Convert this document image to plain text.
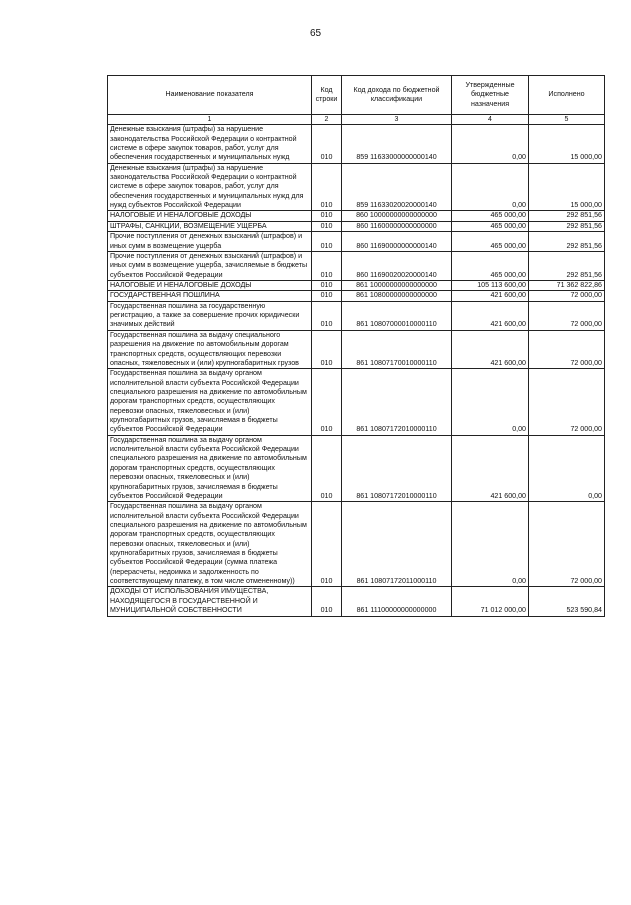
65
Наименование показателя	Код строки	Код дохода по бюджетной классификации	Утвержденные бюджетные назначения	Исполнено
1	2	3	4	5
Денежные взыскания (штрафы) за нарушение законодательства Российской Федерации о контрактной системе в сфере закупок товаров, работ, услуг для обеспечения государственных и муниципальных нужд	010	859 11633000000000140	0,00	15 000,00
Денежные взыскания (штрафы) за нарушение законодательства Российской Федерации о контрактной системе в сфере закупок товаров, работ, услуг для обеспечения государственных и муниципальных нужд для нужд субъектов Российской Федерации	010	859 11633020020000140	0,00	15 000,00
НАЛОГОВЫЕ И НЕНАЛОГОВЫЕ ДОХОДЫ	010	860 10000000000000000	465 000,00	292 851,56
ШТРАФЫ, САНКЦИИ, ВОЗМЕЩЕНИЕ УЩЕРБА	010	860 11600000000000000	465 000,00	292 851,56
Прочие поступления от денежных взысканий (штрафов) и иных сумм в возмещение ущерба	010	860 11690000000000140	465 000,00	292 851,56
Прочие поступления от денежных взысканий (штрафов) и иных сумм в возмещение ущерба, зачисляемые в бюджеты субъектов Российской Федерации	010	860 11690020020000140	465 000,00	292 851,56
НАЛОГОВЫЕ И НЕНАЛОГОВЫЕ ДОХОДЫ	010	861 10000000000000000	105 113 600,00	71 362 822,86
ГОСУДАРСТВЕННАЯ ПОШЛИНА	010	861 10800000000000000	421 600,00	72 000,00
Государственная пошлина за государственную регистрацию, а также за совершение прочих юридически значимых действий	010	861 10807000010000110	421 600,00	72 000,00
Государственная пошлина за выдачу специального разрешения на движение по автомобильным дорогам транспортных средств, осуществляющих перевозки опасных, тяжеловесных и (или) крупногабаритных грузов	010	861 10807170010000110	421 600,00	72 000,00
Государственная пошлина за выдачу органом исполнительной власти субъекта Российской Федерации специального разрешения на движение по автомобильным дорогам транспортных средств, осуществляющих перевозки опасных, тяжеловесных и (или) крупногабаритных грузов, зачисляемая в бюджеты субъектов Российской Федерации	010	861 10807172010000110	0,00	72 000,00
Государственная пошлина за выдачу органом исполнительной власти субъекта Российской Федерации специального разрешения на движение по автомобильным дорогам транспортных средств, осуществляющих перевозки опасных, тяжеловесных и (или) крупногабаритных грузов, зачисляемая в бюджеты субъектов Российской Федерации	010	861 10807172010000110	421 600,00	0,00
Государственная пошлина за выдачу органом исполнительной власти субъекта Российской Федерации специального разрешения на движение по автомобильным дорогам транспортных средств, осуществляющих перевозки опасных, тяжеловесных и (или) крупногабаритных грузов, зачисляемая в бюджеты субъектов Российской Федерации (сумма платежа (перерасчеты, недоимка и задолженность по соответствующему платежу, в том числе отмененному))	010	861 10807172011000110	0,00	72 000,00
ДОХОДЫ ОТ ИСПОЛЬЗОВАНИЯ ИМУЩЕСТВА, НАХОДЯЩЕГОСЯ В ГОСУДАРСТВЕННОЙ И МУНИЦИПАЛЬНОЙ СОБСТВЕННОСТИ	010	861 11100000000000000	71 012 000,00	523 590,84
